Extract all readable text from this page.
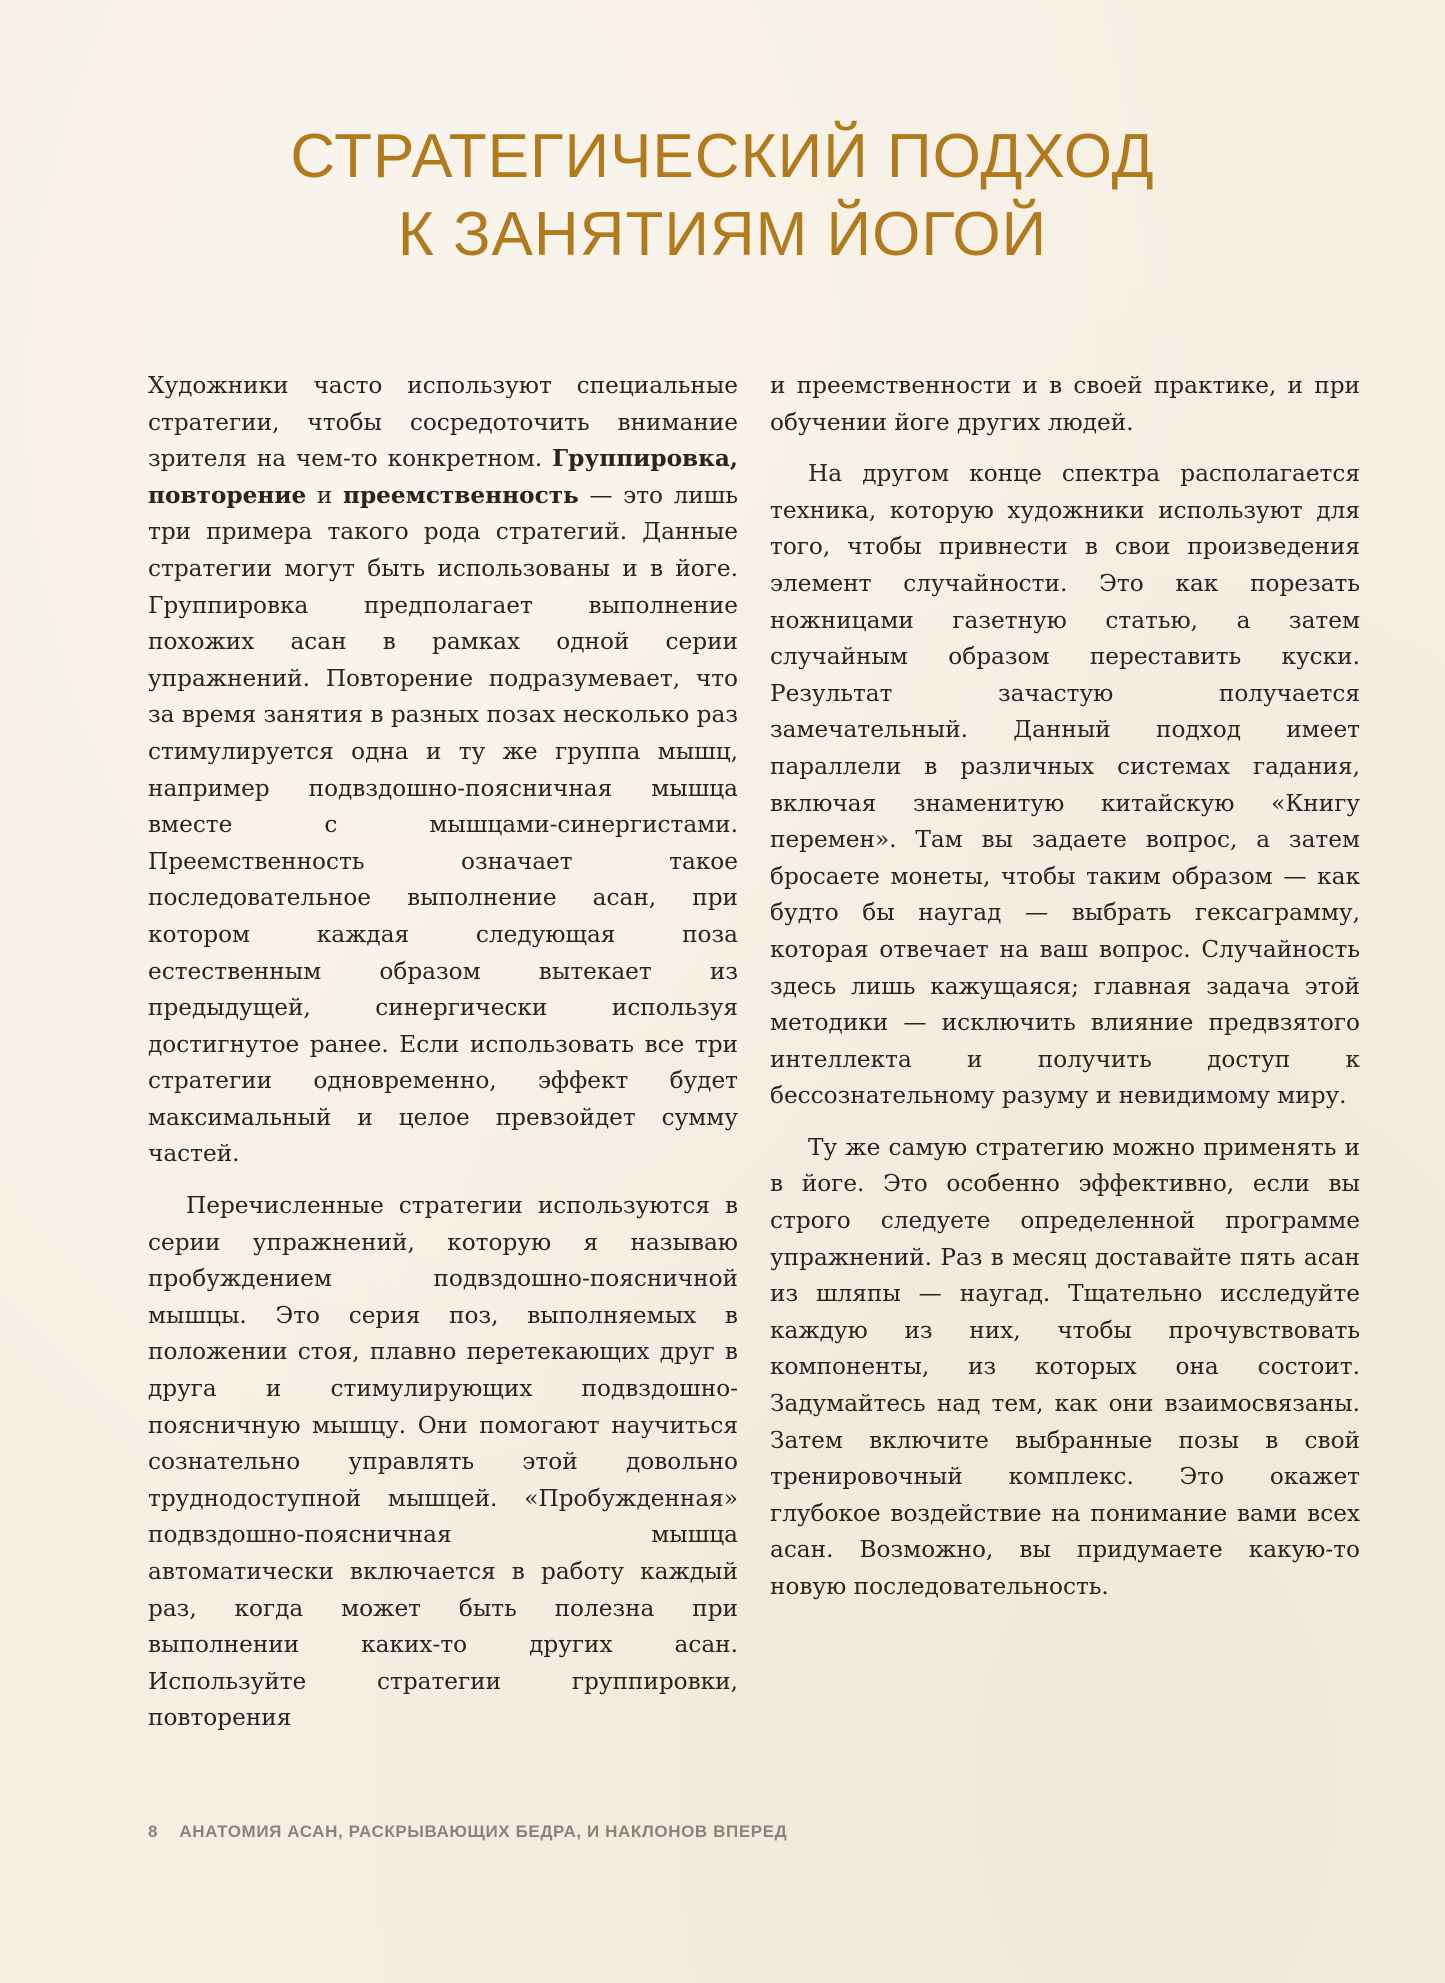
СТРАТЕГИЧЕСКИЙ ПОДХОД
К ЗАНЯТИЯМ ЙОГОЙ

Художники часто используют специальные стратегии, чтобы сосредоточить внимание зрителя на чем-то конкретном. Группировка, повторение и преемственность — это лишь три примера такого рода стратегий. Данные стратегии могут быть использованы и в йоге. Группировка предполагает выполнение похожих асан в рамках одной серии упражнений. Повторение подразумевает, что за время занятия в разных позах несколько раз стимулируется одна и ту же группа мышц, например подвздошно-поясничная мышца вместе с мышцами-синергистами. Преемственность означает такое последовательное выполнение асан, при котором каждая следующая поза естественным образом вытекает из предыдущей, синергически используя достигнутое ранее. Если использовать все три стратегии одновременно, эффект будет максимальный и целое превзойдет сумму частей.

Перечисленные стратегии используются в серии упражнений, которую я называю пробуждением подвздошно-поясничной мышцы. Это серия поз, выполняемых в положении стоя, плавно перетекающих друг в друга и стимулирующих подвздошно-поясничную мышцу. Они помогают научиться сознательно управлять этой довольно труднодоступной мышцей. «Пробужденная» подвздошно-поясничная мышца автоматически включается в работу каждый раз, когда может быть полезна при выполнении каких-то других асан. Используйте стратегии группировки, повторения

и преемственности и в своей практике, и при обучении йоге других людей.

На другом конце спектра располагается техника, которую художники используют для того, чтобы привнести в свои произведения элемент случайности. Это как порезать ножницами газетную статью, а затем случайным образом переставить куски. Результат зачастую получается замечательный. Данный подход имеет параллели в различных системах гадания, включая знаменитую китайскую «Книгу перемен». Там вы задаете вопрос, а затем бросаете монеты, чтобы таким образом — как будто бы наугад — выбрать гексаграмму, которая отвечает на ваш вопрос. Случайность здесь лишь кажущаяся; главная задача этой методики — исключить влияние предвзятого интеллекта и получить доступ к бессознательному разуму и невидимому миру.

Ту же самую стратегию можно применять и в йоге. Это особенно эффективно, если вы строго следуете определенной программе упражнений. Раз в месяц доставайте пять асан из шляпы — наугад. Тщательно исследуйте каждую из них, чтобы прочувствовать компоненты, из которых она состоит. Задумайтесь над тем, как они взаимосвязаны. Затем включите выбранные позы в свой тренировочный комплекс. Это окажет глубокое воздействие на понимание вами всех асан. Возможно, вы придумаете какую-то новую последовательность.

8 АНАТОМИЯ АСАН, РАСКРЫВАЮЩИХ БЕДРА, И НАКЛОНОВ ВПЕРЕД
